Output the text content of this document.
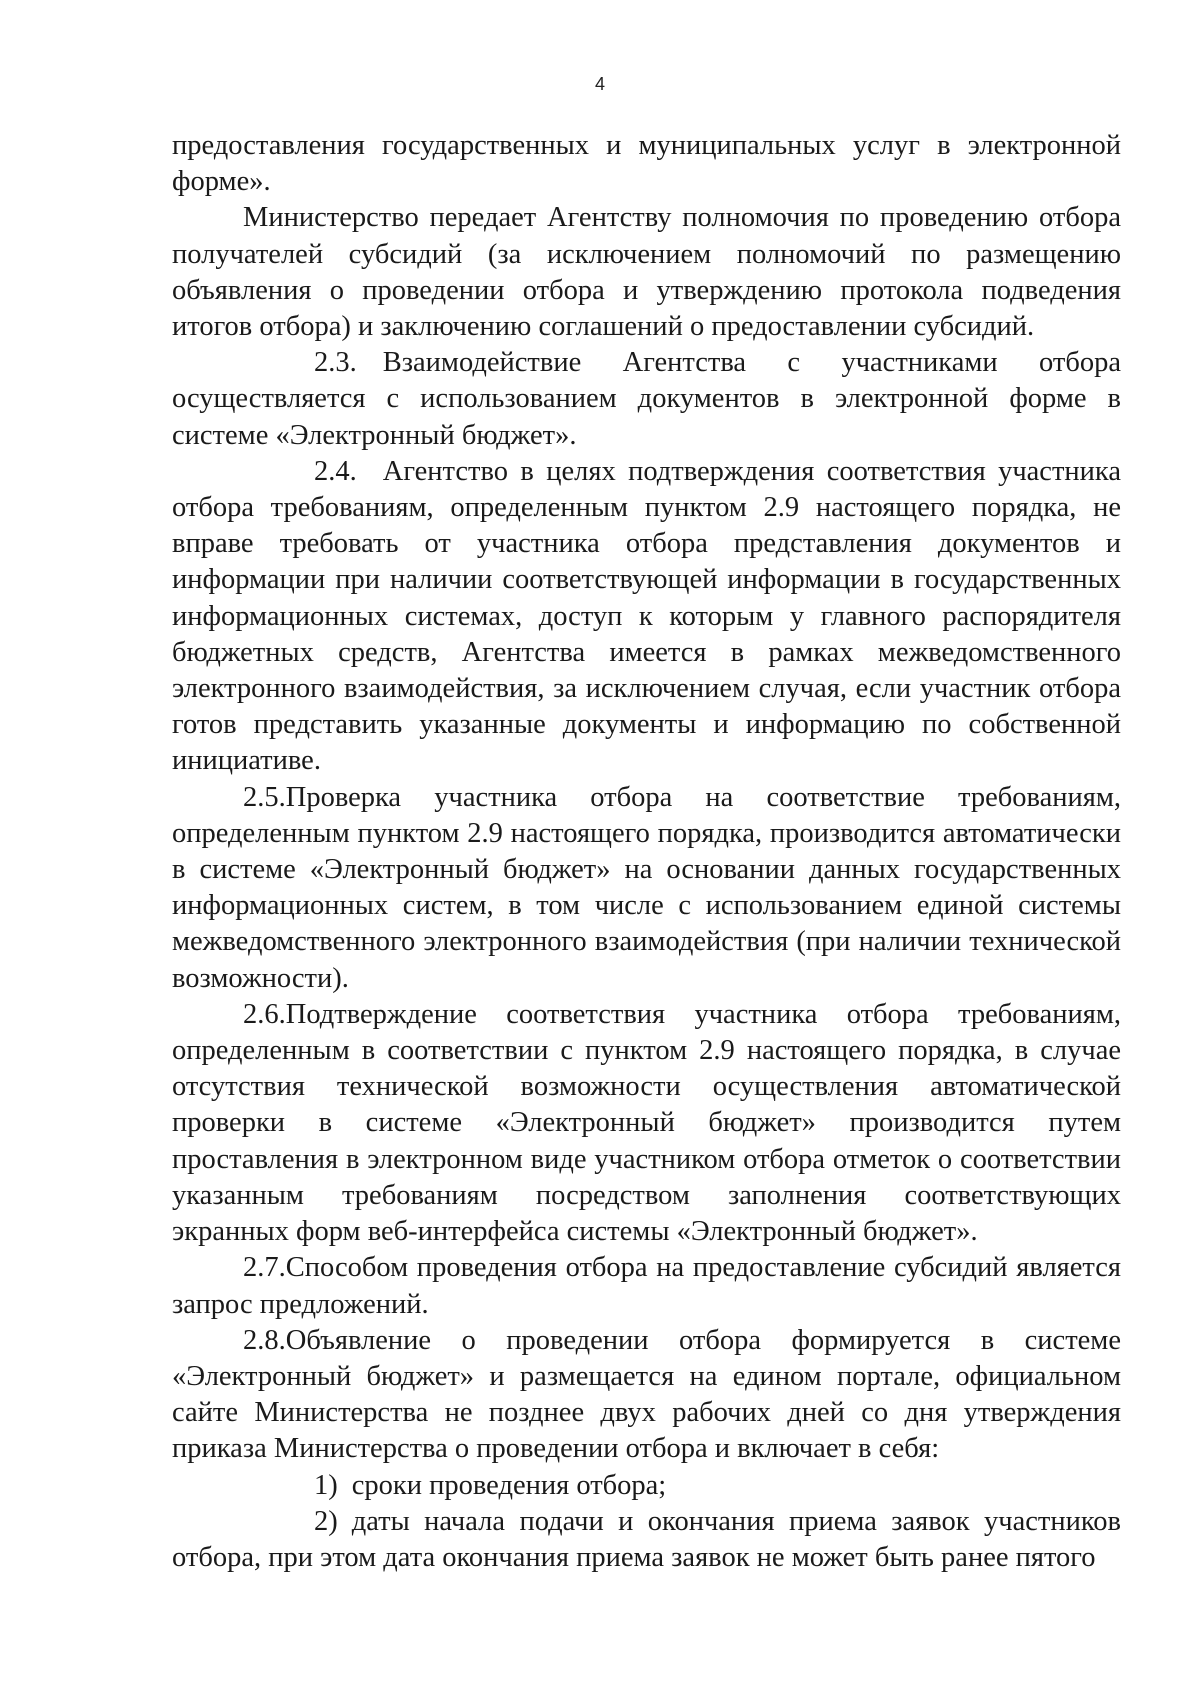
4

предоставления государственных и муниципальных услуг в электронной форме».

Министерство передает Агентству полномочия по проведению отбора получателей субсидий (за исключением полномочий по размещению объявления о проведении отбора и утверждению протокола подведения итогов отбора) и заключению соглашений о предоставлении субсидий.

2.3. Взаимодействие Агентства с участниками отбора осуществляется с использованием документов в электронной форме в системе «Электронный бюджет».

2.4. Агентство в целях подтверждения соответствия участника отбора требованиям, определенным пунктом 2.9 настоящего порядка, не вправе требовать от участника отбора представления документов и информации при наличии соответствующей информации в государственных информационных системах, доступ к которым у главного распорядителя бюджетных средств, Агентства имеется в рамках межведомственного электронного взаимодействия, за исключением случая, если участник отбора готов представить указанные документы и информацию по собственной инициативе.

2.5.Проверка участника отбора на соответствие требованиям, определенным пунктом 2.9 настоящего порядка, производится автоматически в системе «Электронный бюджет» на основании данных государственных информационных систем, в том числе с использованием единой системы межведомственного электронного взаимодействия (при наличии технической возможности).

2.6.Подтверждение соответствия участника отбора требованиям, определенным в соответствии с пунктом 2.9 настоящего порядка, в случае отсутствия технической возможности осуществления автоматической проверки в системе «Электронный бюджет» производится путем проставления в электронном виде участником отбора отметок о соответствии указанным требованиям посредством заполнения соответствующих экранных форм веб-интерфейса системы «Электронный бюджет».

2.7.Способом проведения отбора на предоставление субсидий является запрос предложений.

2.8.Объявление о проведении отбора формируется в системе «Электронный бюджет» и размещается на едином портале, официальном сайте Министерства не позднее двух рабочих дней со дня утверждения приказа Министерства о проведении отбора и включает в себя:

1) сроки проведения отбора;

2) даты начала подачи и окончания приема заявок участников отбора, при этом дата окончания приема заявок не может быть ранее пятого
